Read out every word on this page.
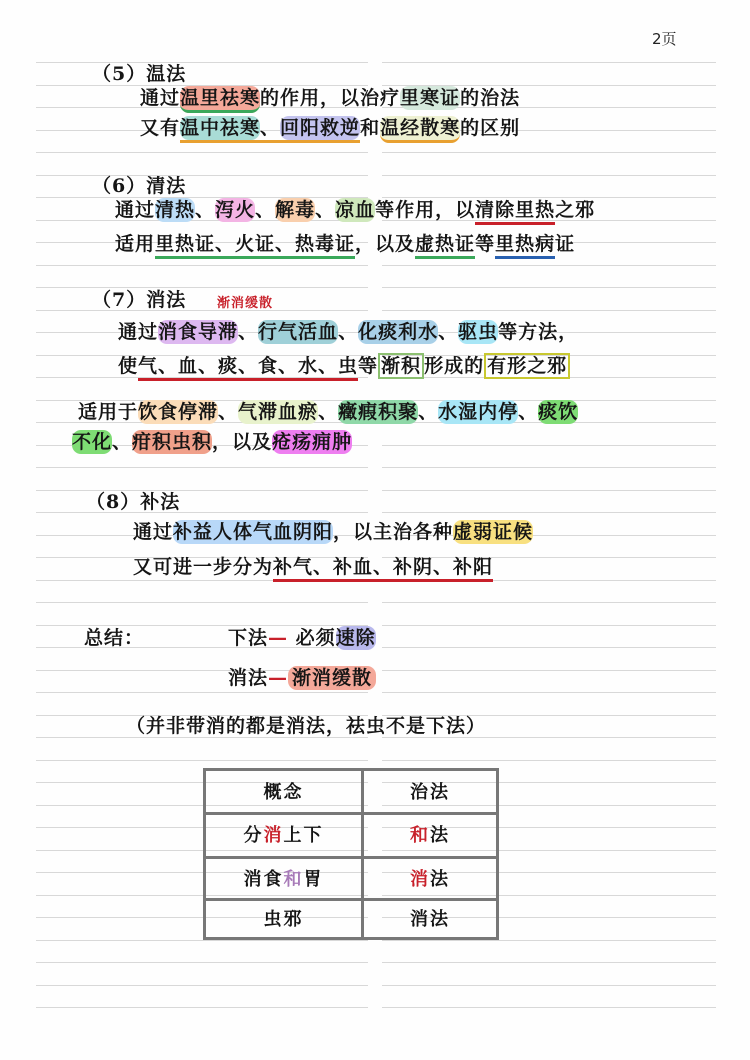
2页
（5）温法
通过温里祛寒的作用，以治疗里寒证的治法
又有温中祛寒、回阳救逆和温经散寒的区别
（6）清法
通过清热、泻火、解毒、凉血等作用，以清除里热之邪
适用里热证、火证、热毒证，以及虚热证等里热病证
（7）消法 渐消缓散
通过消食导滞、行气活血、化痰利水、驱虫等方法，
使气、血、痰、食、水、虫等 渐积 形成的 有形之邪
适用于饮食停滞、气滞血瘀、癥瘕积聚、水湿内停、痰饮
不化、疳积虫积，以及疮疡痈肿
（8）补法
通过补益人体气血阴阳，以主治各种虚弱证候
又可进一步分为补气、补血、补阴、补阳
总结：	下法— 必须速除
消法— 渐消缓散
（并非带消的都是消法，祛虫不是下法）
概念	治法
分消上下	和法
消食和胃	消法
虫邪	消法
